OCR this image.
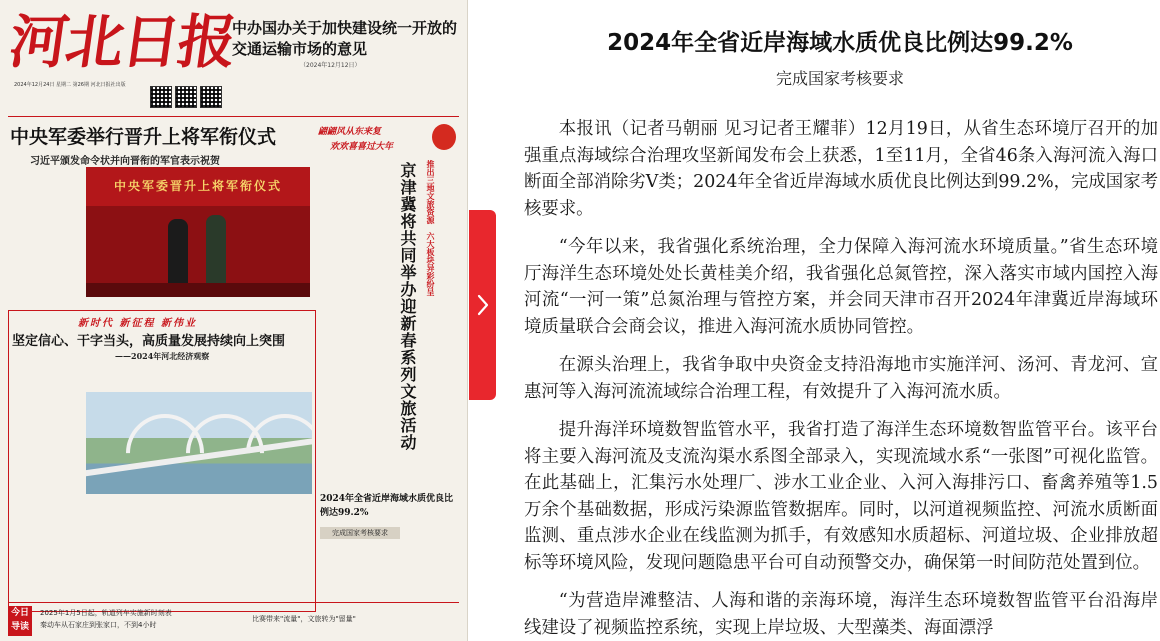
河北日报
2024年12月24日 星期二 第26期 河北日报社出版
中办国办关于加快建设统一开放的交通运输市场的意见
（2024年12月12日）
中央军委举行晋升上将军衔仪式
习近平颁发命令状并向晋衔的军官表示祝贺
中央军委晋升上将军衔仪式
翩翩风从东来复
欢欢喜喜过大年
京津冀将共同举办迎新春系列文旅活动 推出三地文旅资源　六大板块异彩纷呈
新时代 新征程 新伟业
坚定信心、干字当头，高质量发展持续向上突围
——2024年河北经济观察
2024年全省近岸海域水质优良比例达99.2%
完成国家考核要求
今日导读
2025年1月5日起，轨道列车实施新时刻表
秦动车从石家庄到张家口，不到4小时
比赛带来"流量"，文旅转为"留量"
2024年全省近岸海域水质优良比例达99.2%
完成国家考核要求

本报讯（记者马朝丽 见习记者王耀菲）12月19日，从省生态环境厅召开的加强重点海域综合治理攻坚新闻发布会上获悉，1至11月，全省46条入海河流入海口断面全部消除劣V类；2024年全省近岸海域水质优良比例达到99.2%，完成国家考核要求。

“今年以来，我省强化系统治理，全力保障入海河流水环境质量。”省生态环境厅海洋生态环境处处长黄桂美介绍，我省强化总氮管控，深入落实市域内国控入海河流“一河一策”总氮治理与管控方案，并会同天津市召开2024年津冀近岸海域环境质量联合会商会议，推进入海河流水质协同管控。

在源头治理上，我省争取中央资金支持沿海地市实施洋河、汤河、青龙河、宣惠河等入海河流流域综合治理工程，有效提升了入海河流水质。

提升海洋环境数智监管水平，我省打造了海洋生态环境数智监管平台。该平台将主要入海河流及支流沟渠水系图全部录入，实现流域水系“一张图”可视化监管。在此基础上，汇集污水处理厂、涉水工业企业、入河入海排污口、畜禽养殖等1.5万余个基础数据，形成污染源监管数据库。同时，以河道视频监控、河流水质断面监测、重点涉水企业在线监测为抓手，有效感知水质超标、河道垃圾、企业排放超标等环境风险，发现问题隐患平台可自动预警交办，确保第一时间防范处置到位。

“为营造岸滩整洁、人海和谐的亲海环境，海洋生态环境数智监管平台沿海岸线建设了视频监控系统，实现上岸垃圾、大型藻类、海面漂浮
